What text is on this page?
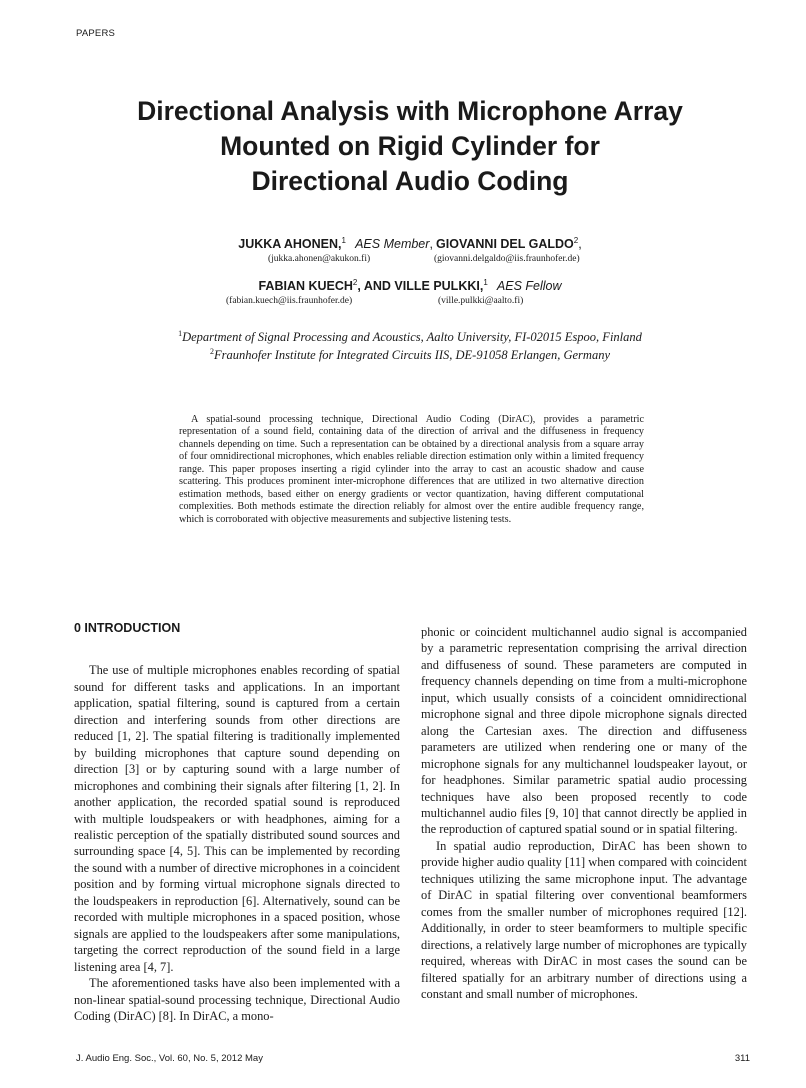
PAPERS
Directional Analysis with Microphone Array
Mounted on Rigid Cylinder for
Directional Audio Coding
JUKKA AHONEN,$^1$ AES Member, GIOVANNI DEL GALDO$^2$,
(jukka.ahonen@akukon.fi)	(giovanni.delgaldo@iis.fraunhofer.de)
FABIAN KUECH$^2$, AND VILLE PULKKI,$^1$ AES Fellow
(fabian.kuech@iis.fraunhofer.de)	(ville.pulkki@aalto.fi)
$^1$Department of Signal Processing and Acoustics, Aalto University, FI-02015 Espoo, Finland
$^2$Fraunhofer Institute for Integrated Circuits IIS, DE-91058 Erlangen, Germany

A spatial-sound processing technique, Directional Audio Coding (DirAC), provides a parametric representation of a sound field, containing data of the direction of arrival and the diffuseness in frequency channels depending on time. Such a representation can be obtained by a directional analysis from a square array of four omnidirectional microphones, which enables reliable direction estimation only within a limited frequency range. This paper proposes inserting a rigid cylinder into the array to cast an acoustic shadow and cause scattering. This produces prominent inter-microphone differences that are utilized in two alternative direction estimation methods, based either on energy gradients or vector quantization, having different computational complexities. Both methods estimate the direction reliably for almost over the entire audible frequency range, which is corroborated with objective measurements and subjective listening tests.

0 INTRODUCTION

The use of multiple microphones enables recording of spatial sound for different tasks and applications. In an important application, spatial filtering, sound is captured from a certain direction and interfering sounds from other directions are reduced [1, 2]. The spatial filtering is traditionally implemented by building microphones that capture sound depending on direction [3] or by capturing sound with a large number of microphones and combining their signals after filtering [1, 2]. In another application, the recorded spatial sound is reproduced with multiple loudspeakers or with headphones, aiming for a realistic perception of the spatially distributed sound sources and surrounding space [4, 5]. This can be implemented by recording the sound with a number of directive microphones in a coincident position and by forming virtual microphone signals directed to the loudspeakers in reproduction [6]. Alternatively, sound can be recorded with multiple microphones in a spaced position, whose signals are applied to the loudspeakers after some manipulations, targeting the correct reproduction of the sound field in a large listening area [4, 7].

The aforementioned tasks have also been implemented with a non-linear spatial-sound processing technique, Directional Audio Coding (DirAC) [8]. In DirAC, a mono-

phonic or coincident multichannel audio signal is accompanied by a parametric representation comprising the arrival direction and diffuseness of sound. These parameters are computed in frequency channels depending on time from a multi-microphone input, which usually consists of a coincident omnidirectional microphone signal and three dipole microphone signals directed along the Cartesian axes. The direction and diffuseness parameters are utilized when rendering one or many of the microphone signals for any multichannel loudspeaker layout, or for headphones. Similar parametric spatial audio processing techniques have also been proposed recently to code multichannel audio files [9, 10] that cannot directly be applied in the reproduction of captured spatial sound or in spatial filtering.

In spatial audio reproduction, DirAC has been shown to provide higher audio quality [11] when compared with coincident techniques utilizing the same microphone input. The advantage of DirAC in spatial filtering over conventional beamformers comes from the smaller number of microphones required [12]. Additionally, in order to steer beamformers to multiple specific directions, a relatively large number of microphones are typically required, whereas with DirAC in most cases the sound can be filtered spatially for an arbitrary number of directions using a constant and small number of microphones.

J. Audio Eng. Soc., Vol. 60, No. 5, 2012 May	311
